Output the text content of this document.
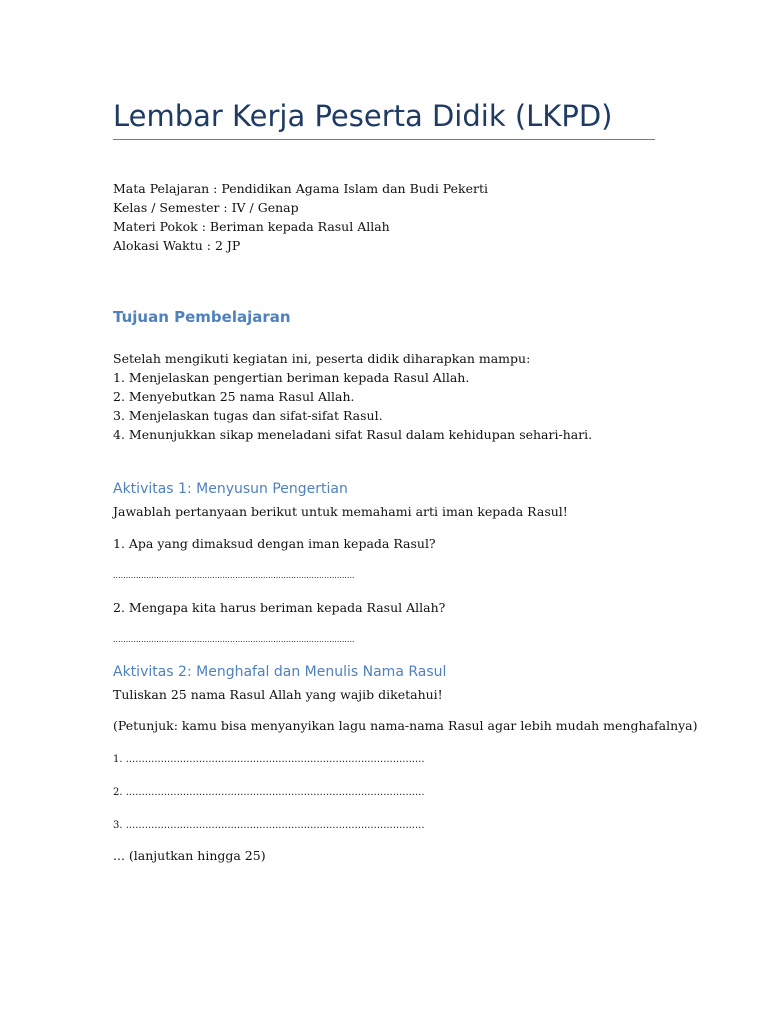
Lembar Kerja Peserta Didik (LKPD)
Mata Pelajaran : Pendidikan Agama Islam dan Budi Pekerti
Kelas / Semester : IV / Genap
Materi Pokok : Beriman kepada Rasul Allah
Alokasi Waktu : 2 JP
Tujuan Pembelajaran
Setelah mengikuti kegiatan ini, peserta didik diharapkan mampu:
1. Menjelaskan pengertian beriman kepada Rasul Allah.
2. Menyebutkan 25 nama Rasul Allah.
3. Menjelaskan tugas dan sifat-sifat Rasul.
4. Menunjukkan sikap meneladani sifat Rasul dalam kehidupan sehari-hari.
Aktivitas 1: Menyusun Pengertian
Jawablah pertanyaan berikut untuk memahami arti iman kepada Rasul!
1. Apa yang dimaksud dengan iman kepada Rasul?
...............................................................................................
2. Mengapa kita harus beriman kepada Rasul Allah?
...............................................................................................
Aktivitas 2: Menghafal dan Menulis Nama Rasul
Tuliskan 25 nama Rasul Allah yang wajib diketahui!
(Petunjuk: kamu bisa menyanyikan lagu nama-nama Rasul agar lebih mudah menghafalnya)
1. ..............................................................................................
2. ..............................................................................................
3. ..............................................................................................
... (lanjutkan hingga 25)
